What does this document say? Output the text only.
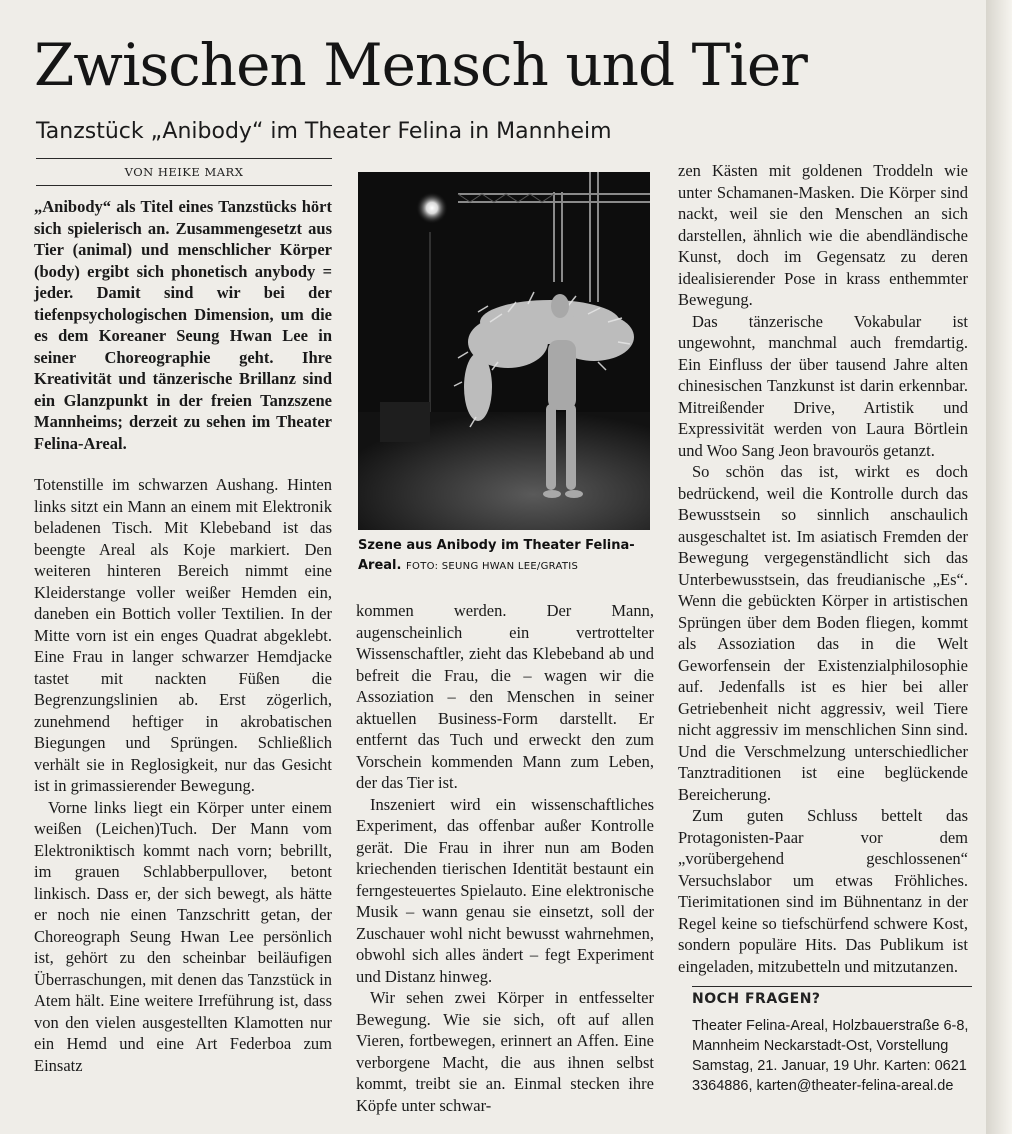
Zwischen Mensch und Tier
Tanzstück „Anibody“ im Theater Felina in Mannheim
VON HEIKE MARX

„Anibody“ als Titel eines Tanzstücks hört sich spielerisch an. Zusammengesetzt aus Tier (animal) und menschlicher Körper (body) ergibt sich phonetisch anybody = jeder. Damit sind wir bei der tiefenpsychologischen Dimension, um die es dem Koreaner Seung Hwan Lee in seiner Choreographie geht. Ihre Kreativität und tänzerische Brillanz sind ein Glanzpunkt in der freien Tanzszene Mannheims; derzeit zu sehen im Theater Felina-Areal.

Totenstille im schwarzen Aushang. Hinten links sitzt ein Mann an einem mit Elektronik beladenen Tisch. Mit Klebeband ist das beengte Areal als Koje markiert. Den weiteren hinteren Bereich nimmt eine Kleiderstange voller weißer Hemden ein, daneben ein Bottich voller Textilien. In der Mitte vorn ist ein enges Quadrat abgeklebt. Eine Frau in langer schwarzer Hemdjacke tastet mit nackten Füßen die Begrenzungslinien ab. Erst zögerlich, zunehmend heftiger in akrobatischen Biegungen und Sprüngen. Schließlich verhält sie in Reglosigkeit, nur das Gesicht ist in grimassierender Bewegung.

Vorne links liegt ein Körper unter einem weißen (Leichen)Tuch. Der Mann vom Elektroniktisch kommt nach vorn; bebrillt, im grauen Schlabberpullover, betont linkisch. Dass er, der sich bewegt, als hätte er noch nie einen Tanzschritt getan, der Choreograph Seung Hwan Lee persönlich ist, gehört zu den scheinbar beiläufigen Überraschungen, mit denen das Tanzstück in Atem hält. Eine weitere Irreführung ist, dass von den vielen ausgestellten Klamotten nur ein Hemd und eine Art Federboa zum Einsatz

Szene aus Anibody im Theater Felina-Areal. FOTO: SEUNG HWAN LEE/GRATIS

kommen werden. Der Mann, augenscheinlich ein vertrottelter Wissenschaftler, zieht das Klebeband ab und befreit die Frau, die – wagen wir die Assoziation – den Menschen in seiner aktuellen Business-Form darstellt. Er entfernt das Tuch und erweckt den zum Vorschein kommenden Mann zum Leben, der das Tier ist.

Inszeniert wird ein wissenschaftliches Experiment, das offenbar außer Kontrolle gerät. Die Frau in ihrer nun am Boden kriechenden tierischen Identität bestaunt ein ferngesteuertes Spielauto. Eine elektronische Musik – wann genau sie einsetzt, soll der Zuschauer wohl nicht bewusst wahrnehmen, obwohl sich alles ändert – fegt Experiment und Distanz hinweg.

Wir sehen zwei Körper in entfesselter Bewegung. Wie sie sich, oft auf allen Vieren, fortbewegen, erinnert an Affen. Eine verborgene Macht, die aus ihnen selbst kommt, treibt sie an. Einmal stecken ihre Köpfe unter schwar-

zen Kästen mit goldenen Troddeln wie unter Schamanen-Masken. Die Körper sind nackt, weil sie den Menschen an sich darstellen, ähnlich wie die abendländische Kunst, doch im Gegensatz zu deren idealisierender Pose in krass enthemmter Bewegung.

Das tänzerische Vokabular ist ungewohnt, manchmal auch fremdartig. Ein Einfluss der über tausend Jahre alten chinesischen Tanzkunst ist darin erkennbar. Mitreißender Drive, Artistik und Expressivität werden von Laura Börtlein und Woo Sang Jeon bravourös getanzt.

So schön das ist, wirkt es doch bedrückend, weil die Kontrolle durch das Bewusstsein so sinnlich anschaulich ausgeschaltet ist. Im asiatisch Fremden der Bewegung vergegenständlicht sich das Unterbewusstsein, das freudianische „Es“. Wenn die gebückten Körper in artistischen Sprüngen über dem Boden fliegen, kommt als Assoziation das in die Welt Geworfensein der Existenzialphilosophie auf. Jedenfalls ist es hier bei aller Getriebenheit nicht aggressiv, weil Tiere nicht aggressiv im menschlichen Sinn sind. Und die Verschmelzung unterschiedlicher Tanztraditionen ist eine beglückende Bereicherung.

Zum guten Schluss bettelt das Protagonisten-Paar vor dem „vorübergehend geschlossenen“ Versuchslabor um etwas Fröhliches. Tierimitationen sind im Bühnentanz in der Regel keine so tiefschürfend schwere Kost, sondern populäre Hits. Das Publikum ist eingeladen, mitzubetteln und mitzutanzen.

NOCH FRAGEN?
Theater Felina-Areal, Holzbauerstraße 6-8, Mannheim Neckarstadt-Ost, Vorstellung Samstag, 21. Januar, 19 Uhr. Karten: 0621 3364886, karten@theater-felina-areal.de
